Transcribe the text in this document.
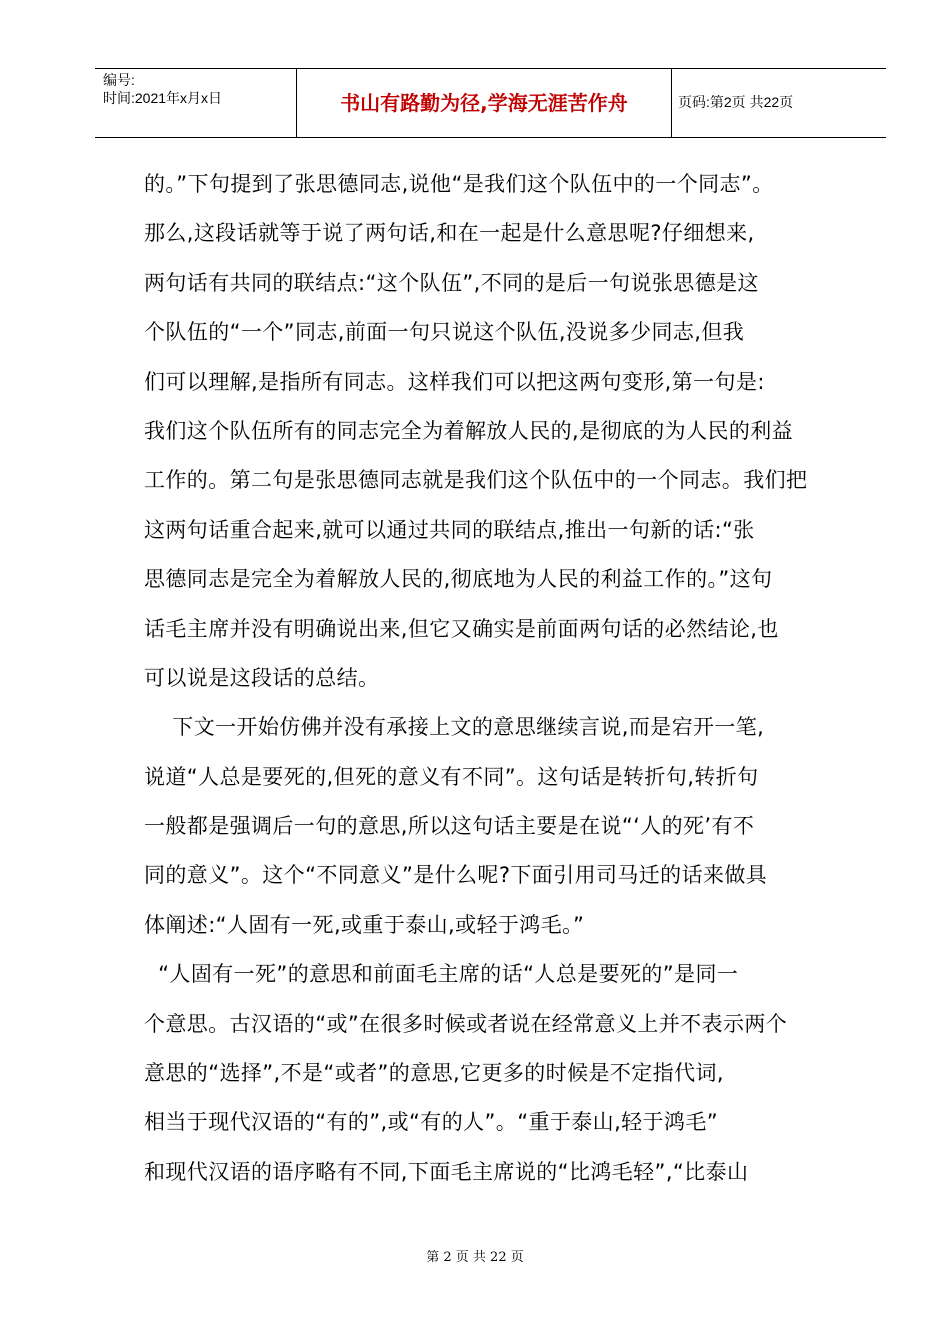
编号:
时间:2021年x月x日	书山有路勤为径,学海无涯苦作舟	页码:第2页 共22页
的。”下句提到了张思德同志,说他“是我们这个队伍中的一个同志”。
那么,这段话就等于说了两句话,和在一起是什么意思呢?仔细想来,
两句话有共同的联结点:“这个队伍”,不同的是后一句说张思德是这
个队伍的“一个”同志,前面一句只说这个队伍,没说多少同志,但我
们可以理解,是指所有同志。这样我们可以把这两句变形,第一句是:
我们这个队伍所有的同志完全为着解放人民的,是彻底的为人民的利益
工作的。第二句是张思德同志就是我们这个队伍中的一个同志。我们把
这两句话重合起来,就可以通过共同的联结点,推出一句新的话:“张
思德同志是完全为着解放人民的,彻底地为人民的利益工作的。”这句
话毛主席并没有明确说出来,但它又确实是前面两句话的必然结论,也
可以说是这段话的总结。
下文一开始仿佛并没有承接上文的意思继续言说,而是宕开一笔,
说道“人总是要死的,但死的意义有不同”。这句话是转折句,转折句
一般都是强调后一句的意思,所以这句话主要是在说“‘人的死’有不
同的意义”。这个“不同意义”是什么呢?下面引用司马迁的话来做具
体阐述:“人固有一死,或重于泰山,或轻于鸿毛。”
“人固有一死”的意思和前面毛主席的话“人总是要死的”是同一
个意思。古汉语的“或”在很多时候或者说在经常意义上并不表示两个
意思的“选择”,不是“或者”的意思,它更多的时候是不定指代词,
相当于现代汉语的“有的”,或“有的人”。“重于泰山,轻于鸿毛”
和现代汉语的语序略有不同,下面毛主席说的“比鸿毛轻”,“比泰山
第 2 页 共 22 页
